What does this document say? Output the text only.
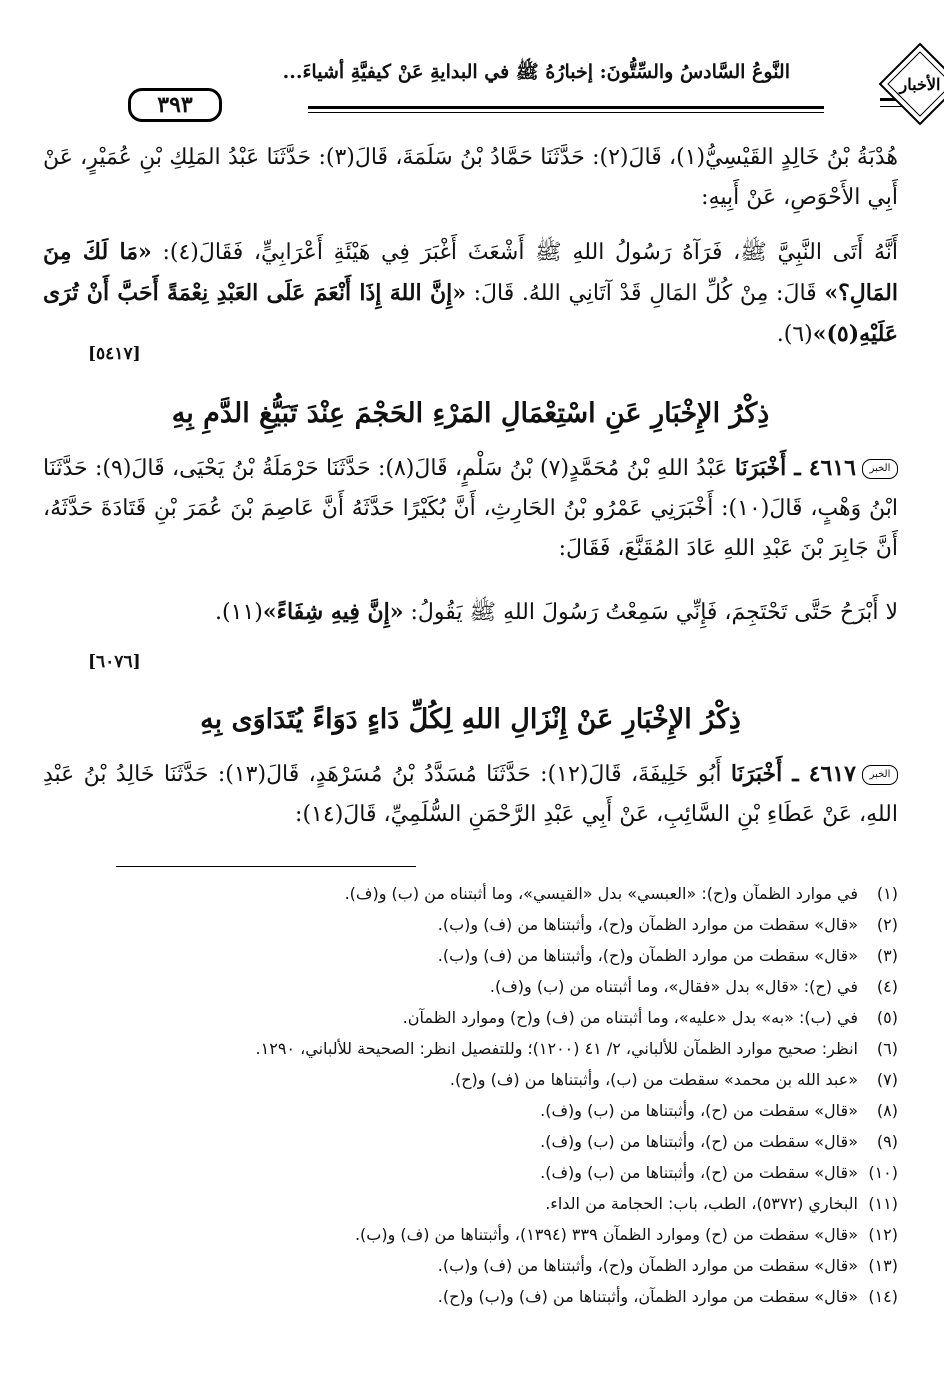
٣٩٣
النَّوعُ السَّادسُ والسِّتُّونَ: إخبارُهُ ﷺ في البدايةِ عَنْ كيفيَّةِ أشياءَ...
الأخبار
هُدْبَةُ بْنُ خَالِدٍ القَيْسِيُّ(١)، قَالَ(٢): حَدَّثَنَا حَمَّادُ بْنُ سَلَمَةَ، قَالَ(٣): حَدَّثَنَا عَبْدُ المَلِكِ بْنِ عُمَيْرٍ، عَنْ أَبِي الأَحْوَصِ، عَنْ أَبِيهِ:
أَنَّهُ أَتَى النَّبِيَّ ﷺ، فَرَآهُ رَسُولُ اللهِ ﷺ أَشْعَثَ أَغْبَرَ فِي هَيْئَةِ أَعْرَابِيٍّ، فَقَالَ(٤): «مَا لَكَ مِنَ المَالِ؟» قَالَ: مِنْ كُلِّ المَالِ قَدْ آتَانِي اللهُ. قَالَ: «إِنَّ اللهَ إِذَا أَنْعَمَ عَلَى العَبْدِ نِعْمَةً أَحَبَّ أَنْ تُرَى عَلَيْهِ(٥)»(٦).
[٥٤١٧]
ذِكْرُ الإِخْبَارِ عَنِ اسْتِعْمَالِ المَرْءِ الحَجْمَ عِنْدَ تَبَيُّغِ الدَّمِ بِهِ
الخبر٤٦١٦ ـ أَخْبَرَنَا عَبْدُ اللهِ بْنُ مُحَمَّدٍ(٧) بْنُ سَلْمٍ، قَالَ(٨): حَدَّثَنَا حَرْمَلَةُ بْنُ يَحْيَى، قَالَ(٩): حَدَّثَنَا ابْنُ وَهْبٍ، قَالَ(١٠): أَخْبَرَنِي عَمْرُو بْنُ الحَارِثِ، أَنَّ بُكَيْرًا حَدَّثَهُ أَنَّ عَاصِمَ بْنَ عُمَرَ بْنِ قَتَادَةَ حَدَّثَهُ، أَنَّ جَابِرَ بْنَ عَبْدِ اللهِ عَادَ المُقَنَّعَ، فَقَالَ:
لا أَبْرَحُ حَتَّى تَحْتَجِمَ، فَإِنِّي سَمِعْتُ رَسُولَ اللهِ ﷺ يَقُولُ: «إِنَّ فِيهِ شِفَاءً»(١١).
[٦٠٧٦]
ذِكْرُ الإِخْبَارِ عَنْ إِنْزَالِ اللهِ لِكُلِّ دَاءٍ دَوَاءً يُتَدَاوَى بِهِ
الخبر٤٦١٧ ـ أَخْبَرَنَا أَبُو خَلِيفَةَ، قَالَ(١٢): حَدَّثَنَا مُسَدَّدُ بْنُ مُسَرْهَدٍ، قَالَ(١٣): حَدَّثَنَا خَالِدُ بْنُ عَبْدِ اللهِ، عَنْ عَطَاءِ بْنِ السَّائِبِ، عَنْ أَبِي عَبْدِ الرَّحْمَنِ السُّلَمِيِّ، قَالَ(١٤):
(١)في موارد الظمآن و(ح): «العبسي» بدل «القيسي»، وما أثبتناه من (ب) و(ف).
(٢)«قال» سقطت من موارد الظمآن و(ح)، وأثبتناها من (ف) و(ب).
(٣)«قال» سقطت من موارد الظمآن و(ح)، وأثبتناها من (ف) و(ب).
(٤)في (ح): «قال» بدل «فقال»، وما أثبتناه من (ب) و(ف).
(٥)في (ب): «به» بدل «عليه»، وما أثبتناه من (ف) و(ح) وموارد الظمآن.
(٦)انظر: صحيح موارد الظمآن للألباني، ٢/ ٤١ (١٢٠٠)؛ وللتفصيل انظر: الصحيحة للألباني، ١٢٩٠.
(٧)«عبد الله بن محمد» سقطت من (ب)، وأثبتناها من (ف) و(ح).
(٨)«قال» سقطت من (ح)، وأثبتناها من (ب) و(ف).
(٩)«قال» سقطت من (ح)، وأثبتناها من (ب) و(ف).
(١٠)«قال» سقطت من (ح)، وأثبتناها من (ب) و(ف).
(١١)البخاري (٥٣٧٢)، الطب، باب: الحجامة من الداء.
(١٢)«قال» سقطت من (ح) وموارد الظمآن ٣٣٩ (١٣٩٤)، وأثبتناها من (ف) و(ب).
(١٣)«قال» سقطت من موارد الظمآن و(ح)، وأثبتناها من (ف) و(ب).
(١٤)«قال» سقطت من موارد الظمآن، وأثبتناها من (ف) و(ب) و(ح).
